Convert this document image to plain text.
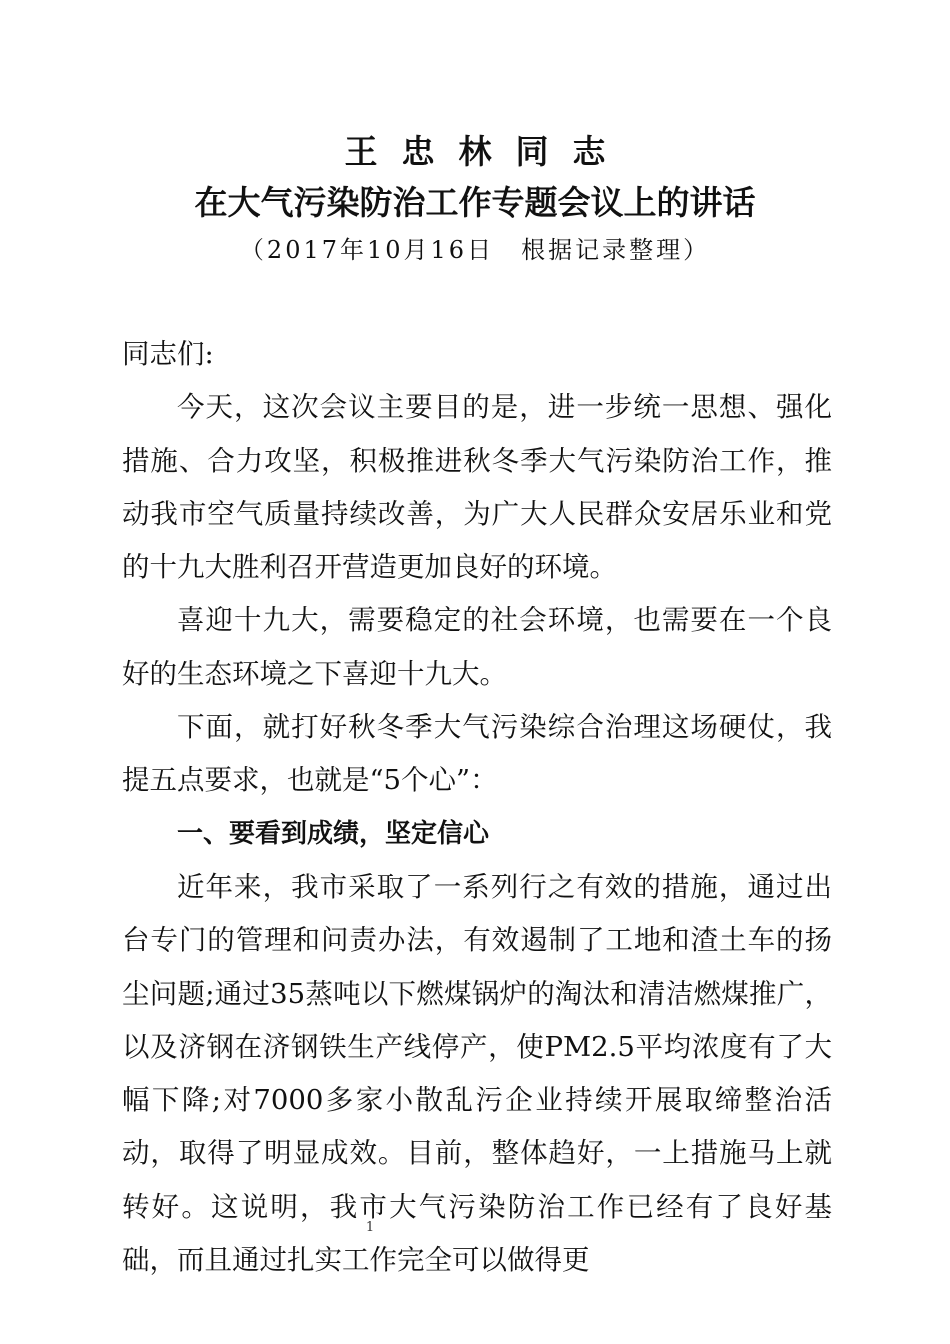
王忠林同志
在大气污染防治工作专题会议上的讲话
（2017年10月16日　根据记录整理）

同志们:

今天，这次会议主要目的是，进一步统一思想、强化措施、合力攻坚，积极推进秋冬季大气污染防治工作，推动我市空气质量持续改善，为广大人民群众安居乐业和党的十九大胜利召开营造更加良好的环境。

喜迎十九大，需要稳定的社会环境，也需要在一个良好的生态环境之下喜迎十九大。

下面，就打好秋冬季大气污染综合治理这场硬仗，我提五点要求，也就是“5个心”：

一、要看到成绩，坚定信心

近年来，我市采取了一系列行之有效的措施，通过出台专门的管理和问责办法，有效遏制了工地和渣土车的扬尘问题;通过35蒸吨以下燃煤锅炉的淘汰和清洁燃煤推广，以及济钢在济钢铁生产线停产，使PM2.5平均浓度有了大幅下降;对7000多家小散乱污企业持续开展取缔整治活动，取得了明显成效。目前，整体趋好，一上措施马上就转好。这说明，我市大气污染防治工作已经有了良好基础，而且通过扎实工作完全可以做得更

1
